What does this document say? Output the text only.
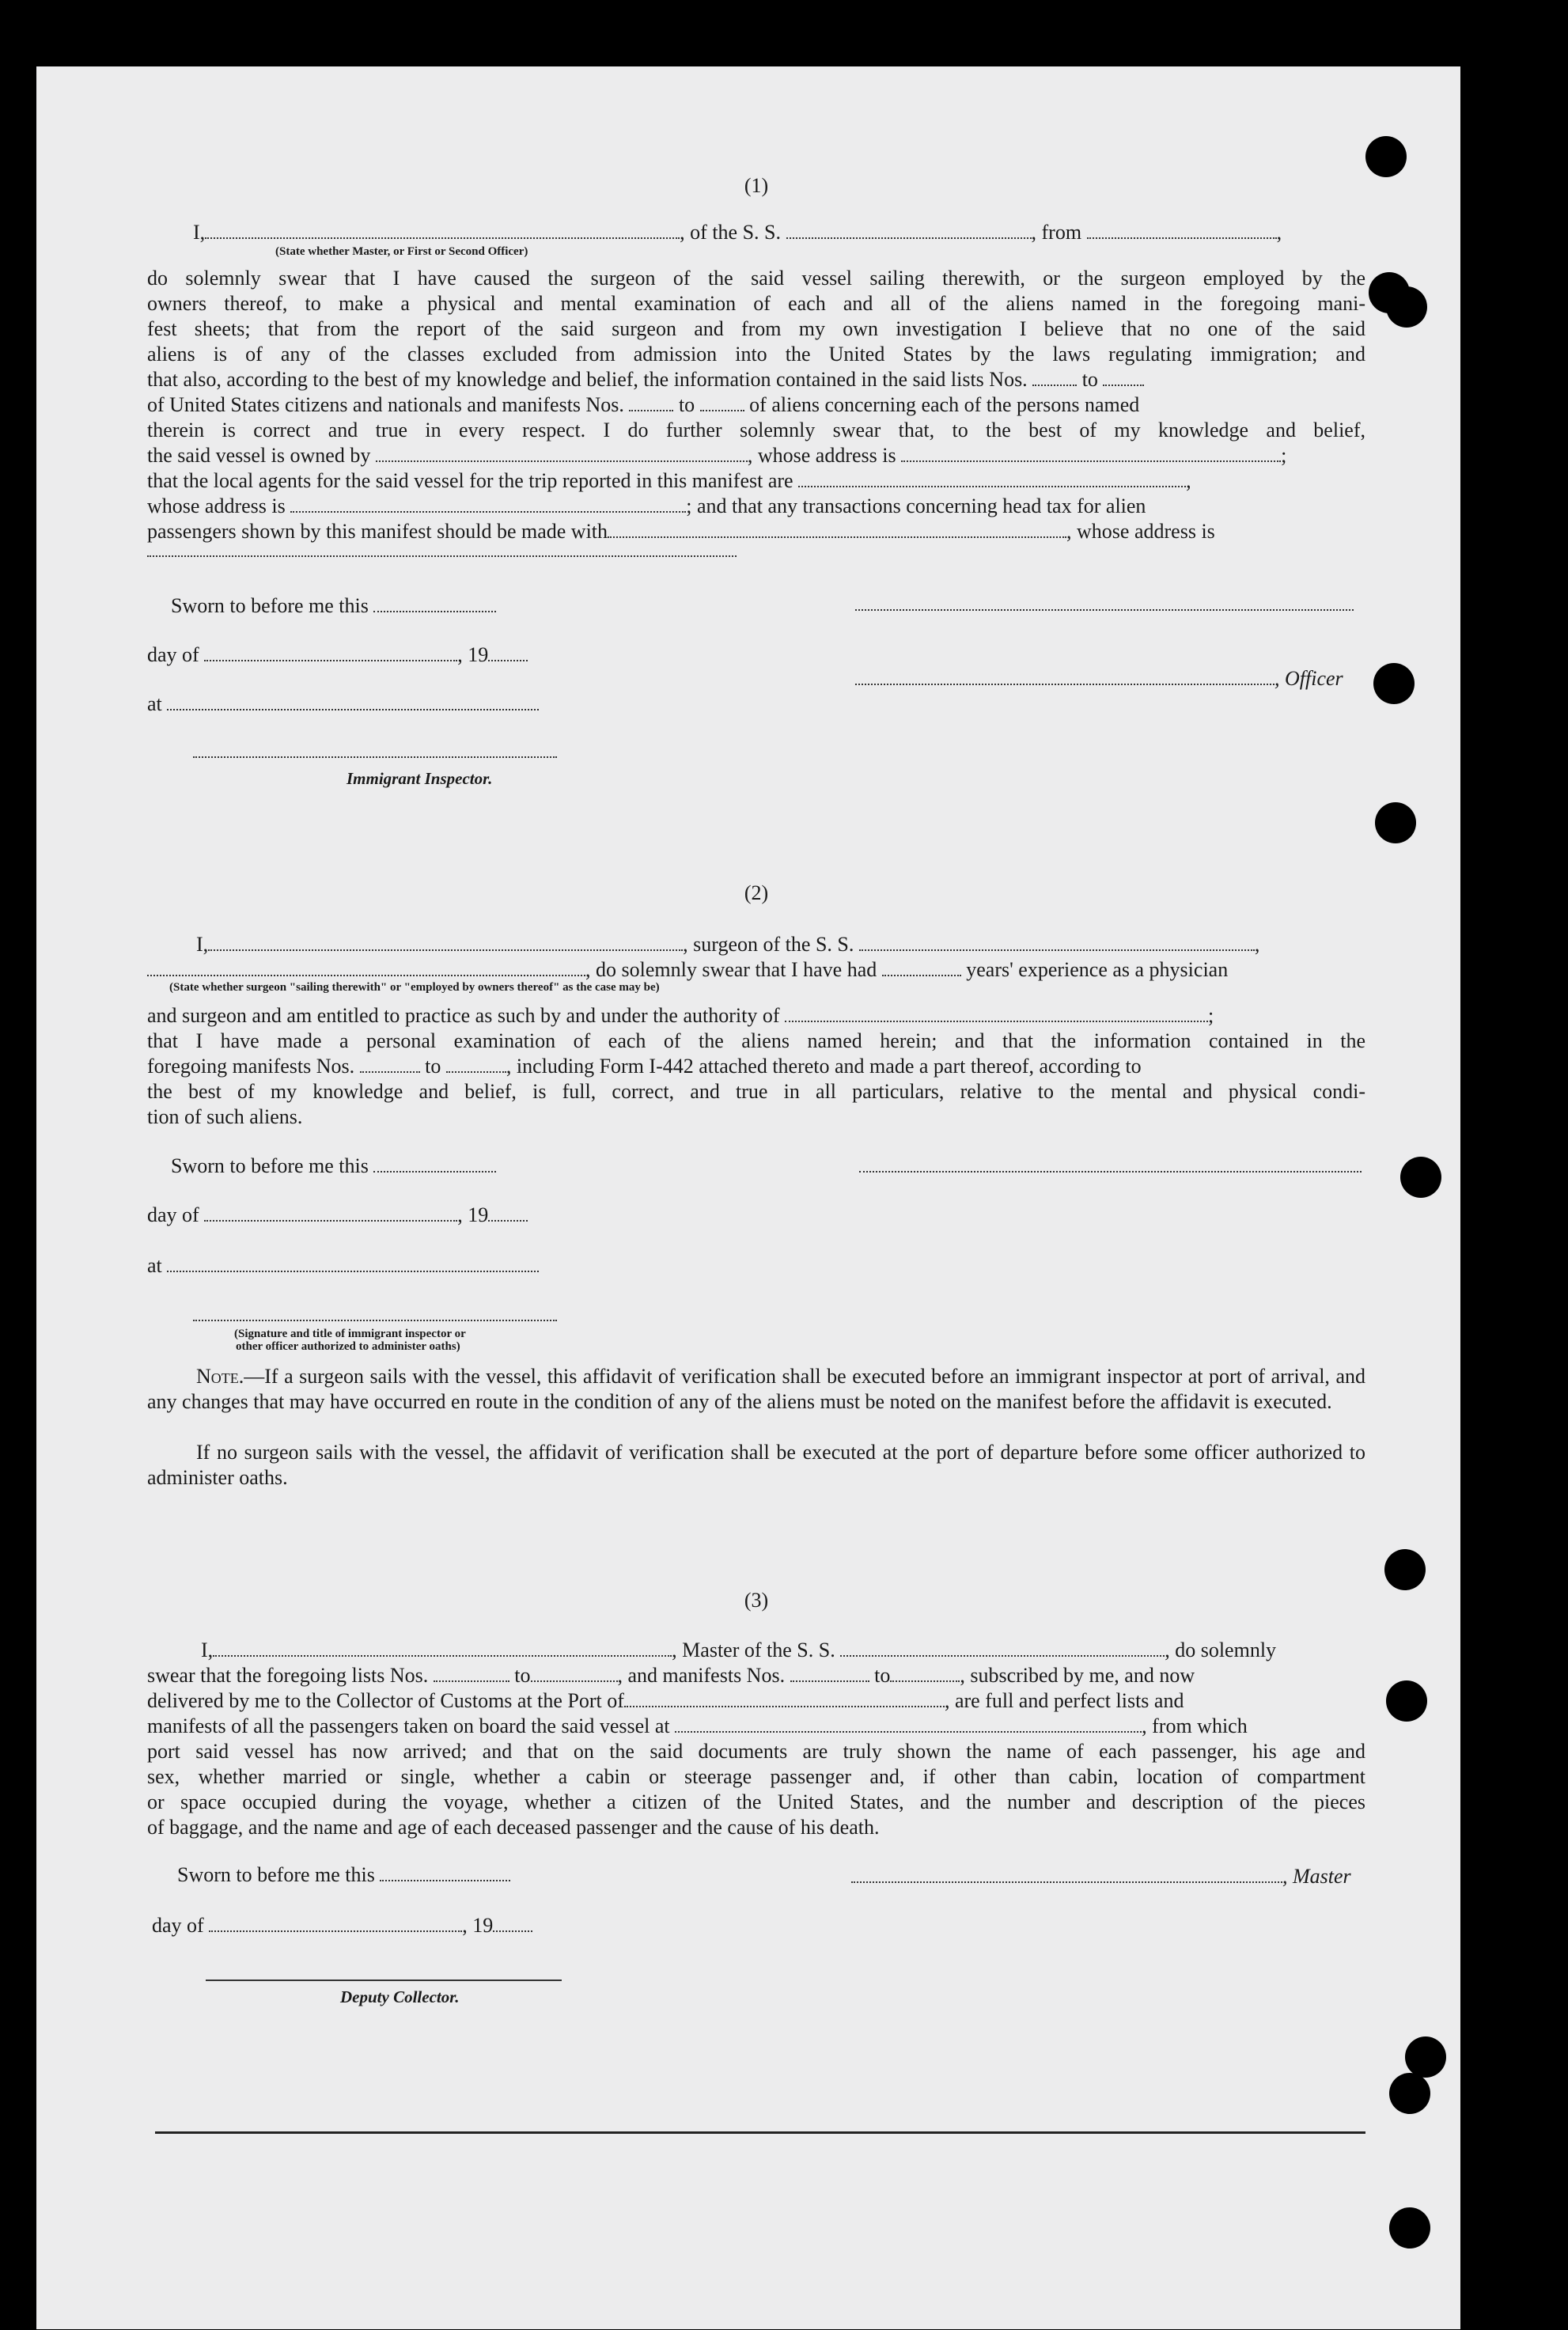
(1)
I,	, of the S. S.	, from	,
(State whether Master, or First or Second Officer)
do solemnly swear that I have caused the surgeon of the said vessel sailing therewith, or the surgeon employed by the
owners thereof, to make a physical and mental examination of each and all of the aliens named in the foregoing mani-
fest sheets; that from the report of the said surgeon and from my own investigation I believe that no one of the said
aliens is of any of the classes excluded from admission into the United States by the laws regulating immigration; and
that also, according to the best of my knowledge and belief, the information contained in the said lists Nos.	to
of United States citizens and nationals and manifests Nos.	to	of aliens concerning each of the persons named
therein is correct and true in every respect. I do further solemnly swear that, to the best of my knowledge and belief,
the said vessel is owned by	, whose address is	;
that the local agents for the said vessel for the trip reported in this manifest are	,
whose address is	; and that any transactions concerning head tax for alien
passengers shown by this manifest should be made with	, whose address is
Sworn to before me this
day of	, 19
, Officer
at
Immigrant Inspector.
(2)
I,	, surgeon of the S. S.	,
, do solemnly swear that I have had	years' experience as a physician
(State whether surgeon "sailing therewith" or "employed by owners thereof" as the case may be)
and surgeon and am entitled to practice as such by and under the authority of	;
that I have made a personal examination of each of the aliens named herein; and that the information contained in the
foregoing manifests Nos.	to	, including Form I-442 attached thereto and made a part thereof, according to
the best of my knowledge and belief, is full, correct, and true in all particulars, relative to the mental and physical condi-
tion of such aliens.
Sworn to before me this
day of	, 19
at
(Signature and title of immigrant inspector or
other officer authorized to administer oaths)
Note.—If a surgeon sails with the vessel, this affidavit of verification shall be executed before an immigrant inspector at port of arrival, and any changes that may have occurred en route in the condition of any of the aliens must be noted on the manifest before the affidavit is executed.
If no surgeon sails with the vessel, the affidavit of verification shall be executed at the port of departure before some officer authorized to administer oaths.
(3)
I,	, Master of the S. S.	, do solemnly
swear that the foregoing lists Nos.	to	, and manifests Nos.	to	, subscribed by me, and now
delivered by me to the Collector of Customs at the Port of	, are full and perfect lists and
manifests of all the passengers taken on board the said vessel at	, from which
port said vessel has now arrived; and that on the said documents are truly shown the name of each passenger, his age and
sex, whether married or single, whether a cabin or steerage passenger and, if other than cabin, location of compartment
or space occupied during the voyage, whether a citizen of the United States, and the number and description of the pieces
of baggage, and the name and age of each deceased passenger and the cause of his death.
Sworn to before me this	, Master
day of	, 19
Deputy Collector.
